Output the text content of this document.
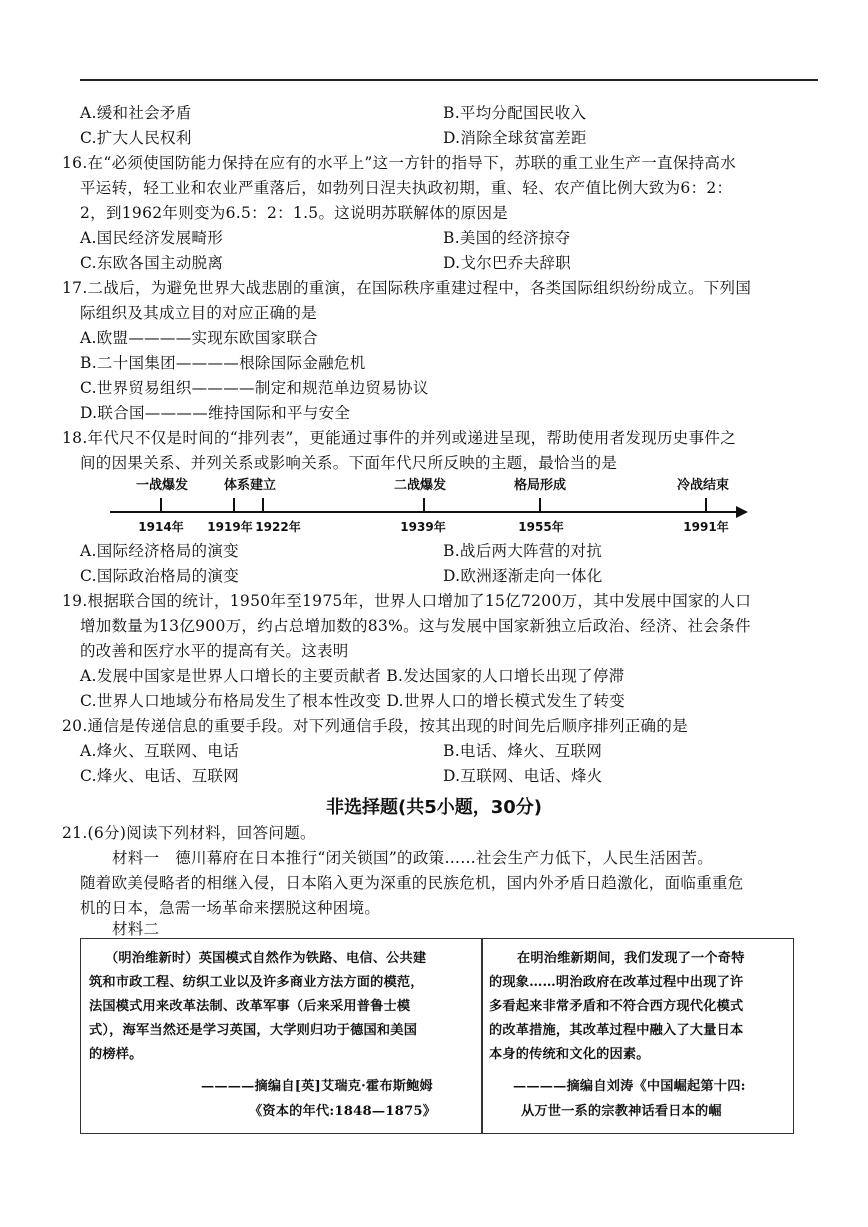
A.缓和社会矛盾	B.平均分配国民收入
C.扩大人民权利	D.消除全球贫富差距
16.在“必须使国防能力保持在应有的水平上”这一方针的指导下，苏联的重工业生产一直保持高水
平运转，轻工业和农业严重落后，如勃列日涅夫执政初期，重、轻、农产值比例大致为6：2：
2，到1962年则变为6.5：2：1.5。这说明苏联解体的原因是
A.国民经济发展畸形	B.美国的经济掠夺
C.东欧各国主动脱离	D.戈尔巴乔夫辞职
17.二战后，为避免世界大战悲剧的重演，在国际秩序重建过程中，各类国际组织纷纷成立。下列国
际组织及其成立目的对应正确的是
A.欧盟————实现东欧国家联合
B.二十国集团————根除国际金融危机
C.世界贸易组织————制定和规范单边贸易协议
D.联合国————维持国际和平与安全
18.年代尺不仅是时间的“排列表”，更能通过事件的并列或递进呈现，帮助使用者发现历史事件之
间的因果关系、并列关系或影响关系。下面年代尺所反映的主题，最恰当的是
一战爆发	体系建立	二战爆发	格局形成	冷战结束
1914年 1919年 1922年	1939年	1955年	1991年
A.国际经济格局的演变	B.战后两大阵营的对抗
C.国际政治格局的演变	D.欧洲逐渐走向一体化
19.根据联合国的统计，1950年至1975年，世界人口增加了15亿7200万，其中发展中国家的人口
增加数量为13亿900万，约占总增加数的83%。这与发展中国家新独立后政治、经济、社会条件
的改善和医疗水平的提高有关。这表明
A.发展中国家是世界人口增长的主要贡献者 B.发达国家的人口增长出现了停滞
C.世界人口地域分布格局发生了根本性改变 D.世界人口的增长模式发生了转变
20.通信是传递信息的重要手段。对下列通信手段，按其出现的时间先后顺序排列正确的是
A.烽火、互联网、电话	B.电话、烽火、互联网
C.烽火、电话、互联网	D.互联网、电话、烽火
非选择题(共5小题，30分)
21.(6分)阅读下列材料，回答问题。
材料一　德川幕府在日本推行“闭关锁国”的政策……社会生产力低下，人民生活困苦。
随着欧美侵略者的相继入侵，日本陷入更为深重的民族危机，国内外矛盾日趋激化，面临重重危
机的日本，急需一场革命来摆脱这种困境。
材料二
（明治维新时）英国模式自然作为铁路、电信、公共建
筑和市政工程、纺织工业以及许多商业方法方面的模范，
法国模式用来改革法制、改革军事（后来采用普鲁士模
式），海军当然还是学习英国，大学则归功于德国和美国
的榜样。
————摘编自[英]艾瑞克·霍布斯鲍姆
《资本的年代:1848—1875》
在明治维新期间，我们发现了一个奇特
的现象……明治政府在改革过程中出现了许
多看起来非常矛盾和不符合西方现代化模式
的改革措施，其改革过程中融入了大量日本
本身的传统和文化的因素。
————摘编自刘涛《中国崛起第十四:
从万世一系的宗教神话看日本的崛
